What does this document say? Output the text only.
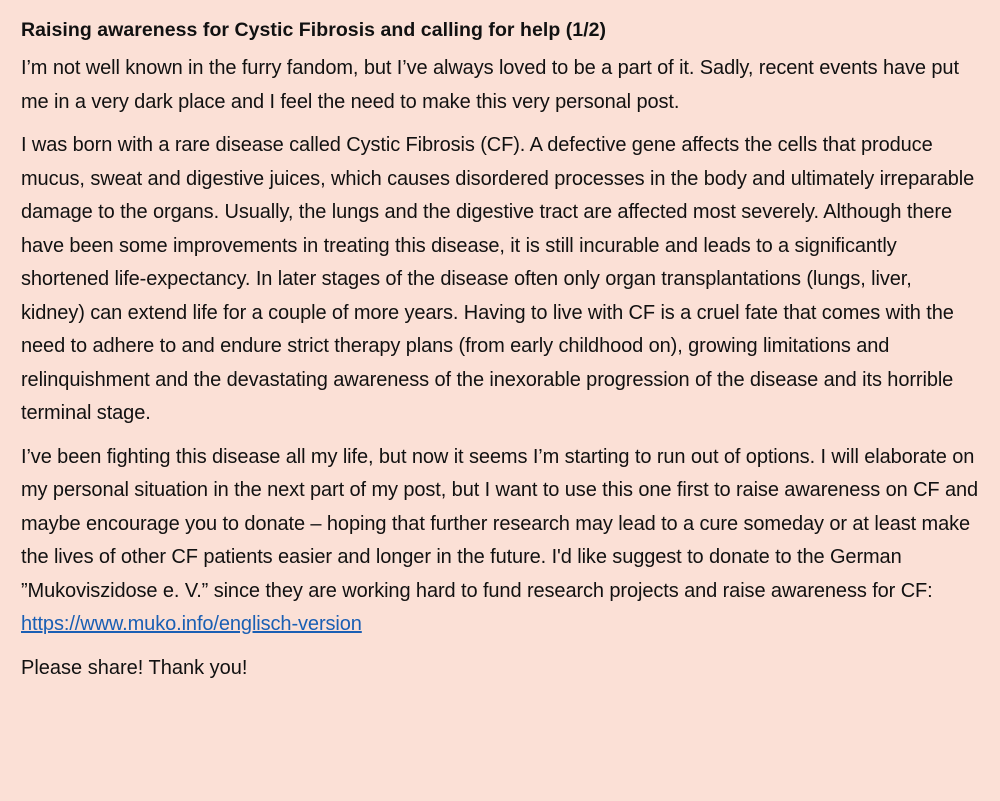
Raising awareness for Cystic Fibrosis and calling for help (1/2)
I’m not well known in the furry fandom, but I’ve always loved to be a part of it. Sadly, recent events have put me in a very dark place and I feel the need to make this very personal post.
I was born with a rare disease called Cystic Fibrosis (CF). A defective gene affects the cells that produce mucus, sweat and digestive juices, which causes disordered processes in the body and ultimately irreparable damage to the organs. Usually, the lungs and the digestive tract are affected most severely. Although there have been some improvements in treating this disease, it is still incurable and leads to a significantly shortened life-expectancy. In later stages of the disease often only organ transplantations (lungs, liver, kidney) can extend life for a couple of more years. Having to live with CF is a cruel fate that comes with the need to adhere to and endure strict therapy plans (from early childhood on), growing limitations and relinquishment and the devastating awareness of the inexorable progression of the disease and its horrible terminal stage.
I’ve been fighting this disease all my life, but now it seems I’m starting to run out of options. I will elaborate on my personal situation in the next part of my post, but I want to use this one first to raise awareness on CF and maybe encourage you to donate – hoping that further research may lead to a cure someday or at least make the lives of other CF patients easier and longer in the future. I'd like suggest to donate to the German ”Mukoviszidose e. V.” since they are working hard to fund research projects and raise awareness for CF:
https://www.muko.info/englisch-version
Please share! Thank you!
